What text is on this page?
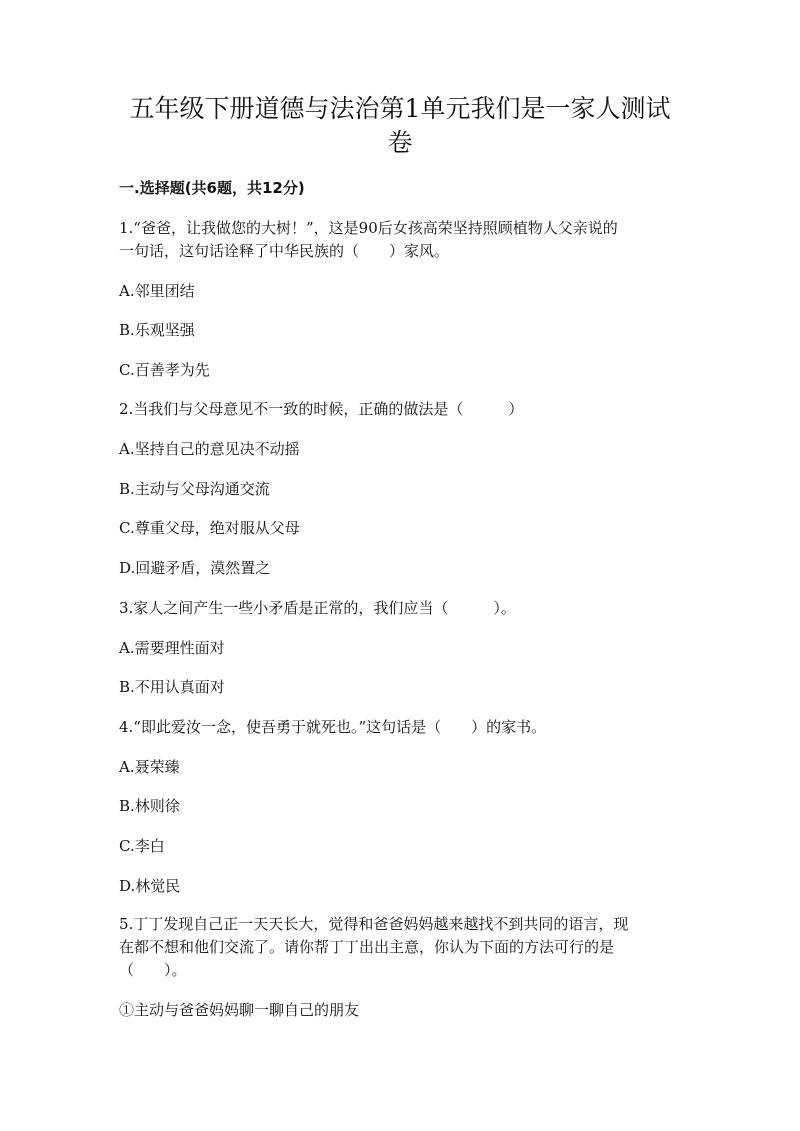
五年级下册道德与法治第1单元我们是一家人测试
卷
一.选择题(共6题，共12分)
1.“爸爸，让我做您的大树！”，这是90后女孩高荣坚持照顾植物人父亲说的
一句话，这句话诠释了中华民族的（　　）家风。
A.邻里团结
B.乐观坚强
C.百善孝为先
2.当我们与父母意见不一致的时候，正确的做法是（　　　）
A.坚持自己的意见决不动摇
B.主动与父母沟通交流
C.尊重父母，绝对服从父母
D.回避矛盾，漠然置之
3.家人之间产生一些小矛盾是正常的，我们应当（　　　）。
A.需要理性面对
B.不用认真面对
4.“即此爱汝一念，使吾勇于就死也。”这句话是（　　）的家书。
A.聂荣臻
B.林则徐
C.李白
D.林觉民
5.丁丁发现自己正一天天长大，觉得和爸爸妈妈越来越找不到共同的语言，现
在都不想和他们交流了。请你帮丁丁出出主意，你认为下面的方法可行的是
（　　）。
①主动与爸爸妈妈聊一聊自己的朋友
